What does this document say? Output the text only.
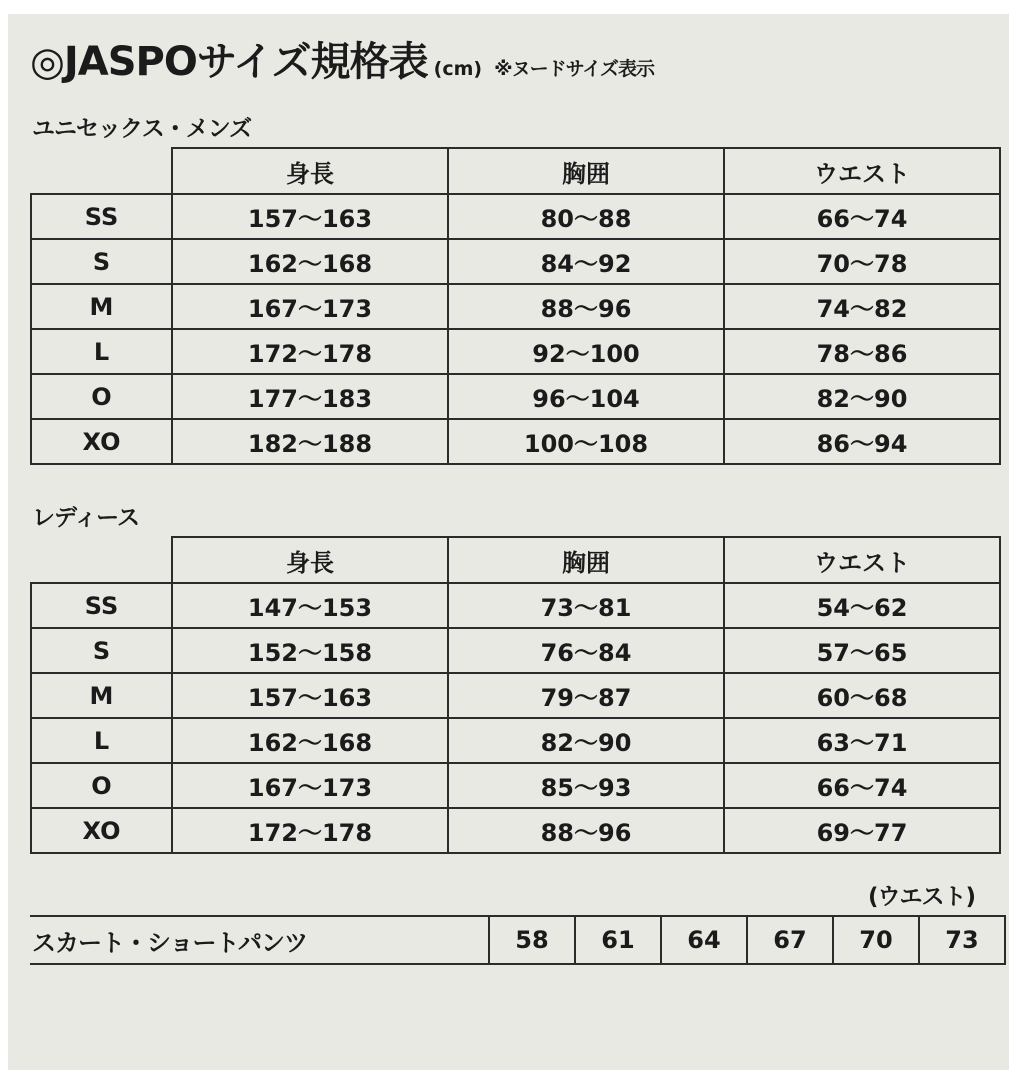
◎JASPOサイズ規格表 (cm) ※ヌードサイズ表示
ユニセックス・メンズ
	身長	胸囲	ウエスト
SS	157〜163	80〜88	66〜74
S	162〜168	84〜92	70〜78
M	167〜173	88〜96	74〜82
L	172〜178	92〜100	78〜86
O	177〜183	96〜104	82〜90
XO	182〜188	100〜108	86〜94
レディース
	身長	胸囲	ウエスト
SS	147〜153	73〜81	54〜62
S	152〜158	76〜84	57〜65
M	157〜163	79〜87	60〜68
L	162〜168	82〜90	63〜71
O	167〜173	85〜93	66〜74
XO	172〜178	88〜96	69〜77
(ウエスト)
スカート・ショートパンツ	58	61	64	67	70	73
